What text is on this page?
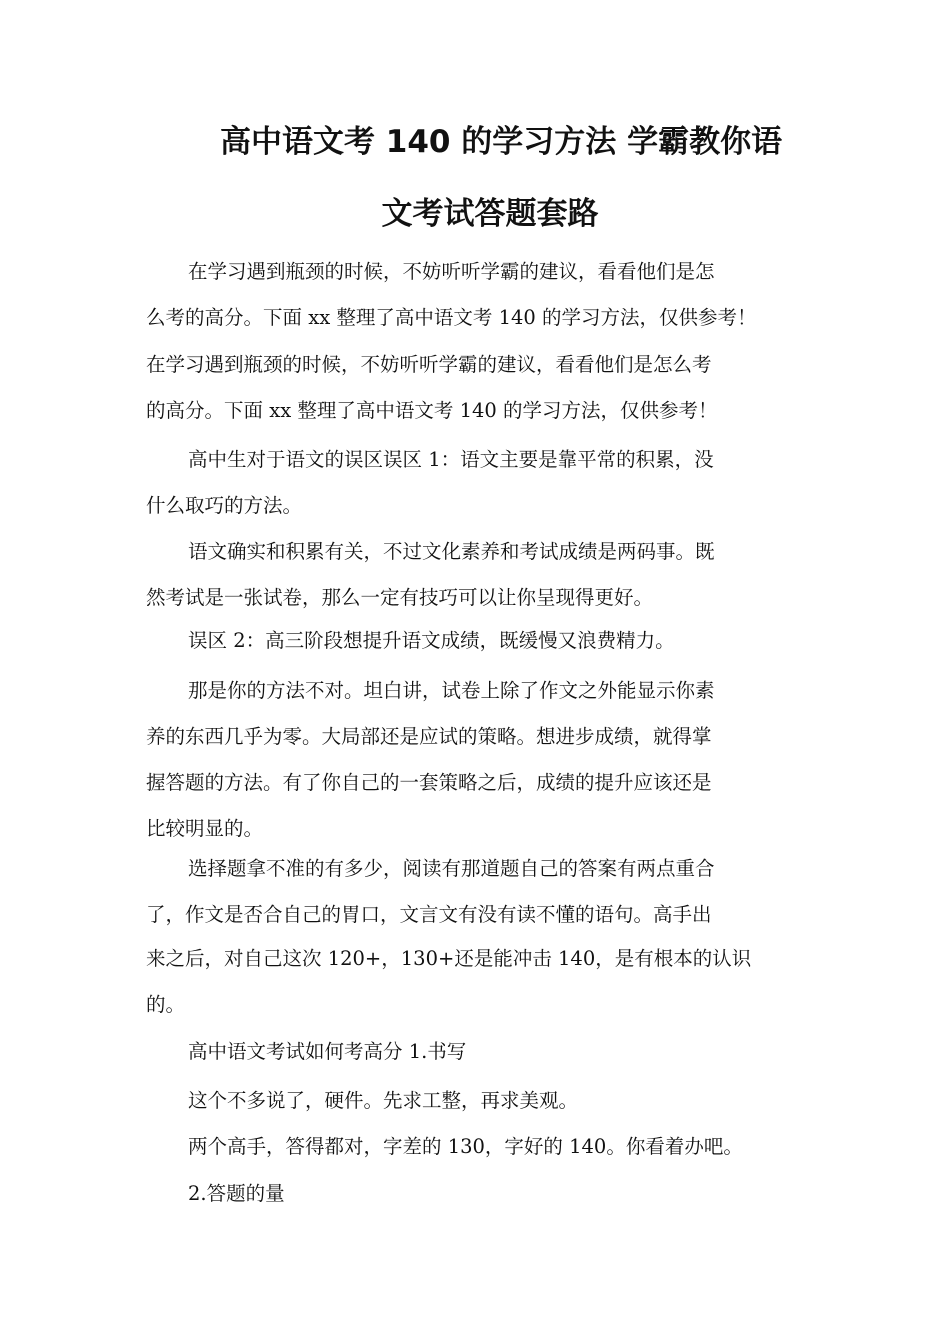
高中语文考 140 的学习方法 学霸教你语
文考试答题套路

在学习遇到瓶颈的时候，不妨听听学霸的建议，看看他们是怎

么考的高分。下面 xx 整理了高中语文考 140 的学习方法，仅供参考！

在学习遇到瓶颈的时候，不妨听听学霸的建议，看看他们是怎么考

的高分。下面 xx 整理了高中语文考 140 的学习方法，仅供参考！

高中生对于语文的误区误区 1：语文主要是靠平常的积累，没

什么取巧的方法。

语文确实和积累有关，不过文化素养和考试成绩是两码事。既

然考试是一张试卷，那么一定有技巧可以让你呈现得更好。

误区 2：高三阶段想提升语文成绩，既缓慢又浪费精力。

那是你的方法不对。坦白讲，试卷上除了作文之外能显示你素

养的东西几乎为零。大局部还是应试的策略。想进步成绩，就得掌

握答题的方法。有了你自己的一套策略之后，成绩的提升应该还是

比较明显的。

选择题拿不准的有多少，阅读有那道题自己的答案有两点重合

了，作文是否合自己的胃口，文言文有没有读不懂的语句。高手出

来之后，对自己这次 120+，130+还是能冲击 140，是有根本的认识

的。

高中语文考试如何考高分 1.书写

这个不多说了，硬件。先求工整，再求美观。

两个高手，答得都对，字差的 130，字好的 140。你看着办吧。

2.答题的量
